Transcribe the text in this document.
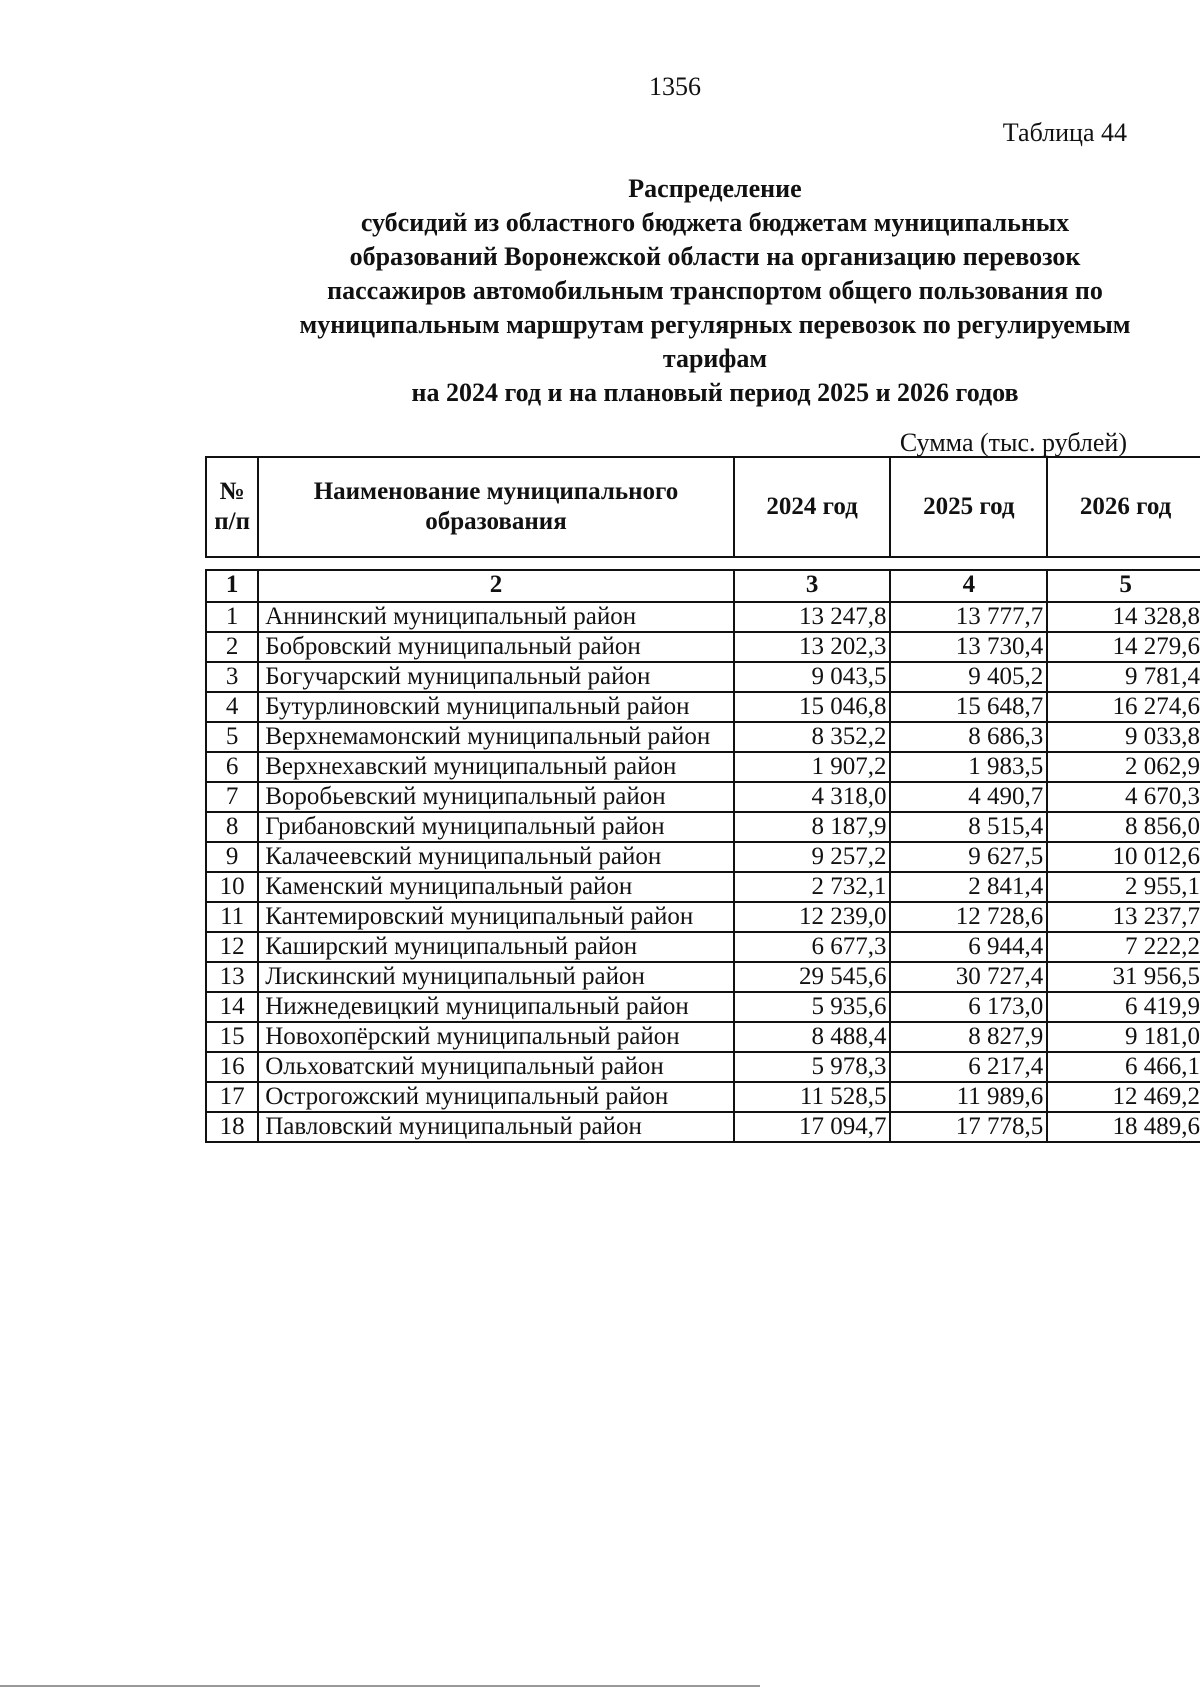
1356
Таблица 44
Распределение
субсидий из областного бюджета бюджетам муниципальных
образований Воронежской области на организацию перевозок
пассажиров автомобильным транспортом общего пользования по
муниципальным маршрутам регулярных перевозок по регулируемым
тарифам
на 2024 год и на плановый период 2025 и 2026 годов
Сумма (тыс. рублей)
№ п/п	Наименование муниципального образования	2024 год	2025 год	2026 год
1	2	3	4	5
1	Аннинский муниципальный район	13 247,8	13 777,7	14 328,8
2	Бобровский муниципальный район	13 202,3	13 730,4	14 279,6
3	Богучарский муниципальный район	9 043,5	9 405,2	9 781,4
4	Бутурлиновский муниципальный район	15 046,8	15 648,7	16 274,6
5	Верхнемамонский муниципальный район	8 352,2	8 686,3	9 033,8
6	Верхнехавский муниципальный район	1 907,2	1 983,5	2 062,9
7	Воробьевский муниципальный район	4 318,0	4 490,7	4 670,3
8	Грибановский муниципальный район	8 187,9	8 515,4	8 856,0
9	Калачеевский муниципальный район	9 257,2	9 627,5	10 012,6
10	Каменский муниципальный район	2 732,1	2 841,4	2 955,1
11	Кантемировский муниципальный район	12 239,0	12 728,6	13 237,7
12	Каширский муниципальный район	6 677,3	6 944,4	7 222,2
13	Лискинский муниципальный район	29 545,6	30 727,4	31 956,5
14	Нижнедевицкий муниципальный район	5 935,6	6 173,0	6 419,9
15	Новохопёрский муниципальный район	8 488,4	8 827,9	9 181,0
16	Ольховатский муниципальный район	5 978,3	6 217,4	6 466,1
17	Острогожский муниципальный район	11 528,5	11 989,6	12 469,2
18	Павловский муниципальный район	17 094,7	17 778,5	18 489,6
